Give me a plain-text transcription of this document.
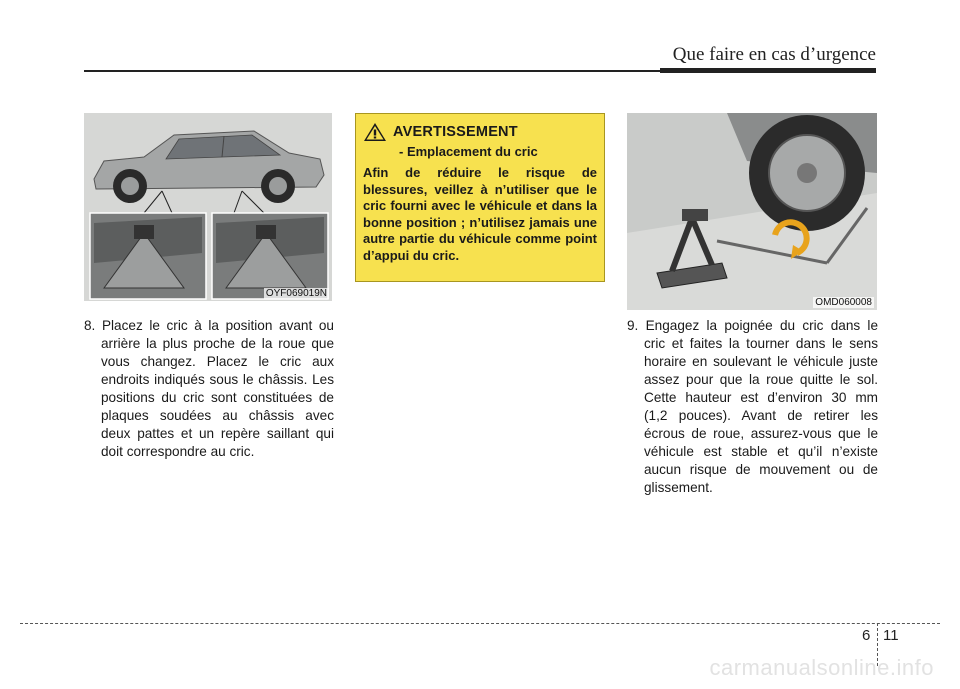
Que faire en cas d’urgence
OYF069019N
AVERTISSEMENT
- Emplacement du cric
Afin de réduire le risque de blessures, veillez à n’utiliser que le cric fourni avec le véhicule et dans la bonne position ; n’utilisez jamais une autre partie du véhicule comme point d’appui du cric.
OMD060008
8. Placez le cric à la position avant ou arrière la plus proche de la roue que vous changez. Placez le cric aux endroits indiqués sous le châssis. Les positions du cric sont constituées de plaques soudées au châssis avec deux pattes et un repère saillant qui doit correspondre au cric.
9. Engagez la poignée du cric dans le cric et faites la tourner dans le sens horaire en soulevant le véhicule juste assez pour que la roue quitte le sol. Cette hauteur est d’environ 30 mm (1,2 pouces). Avant de retirer les écrous de roue, assurez-vous que le véhicule est stable et qu’il n’existe aucun risque de mouvement ou de glissement.
6 11
carmanualsonline.info
